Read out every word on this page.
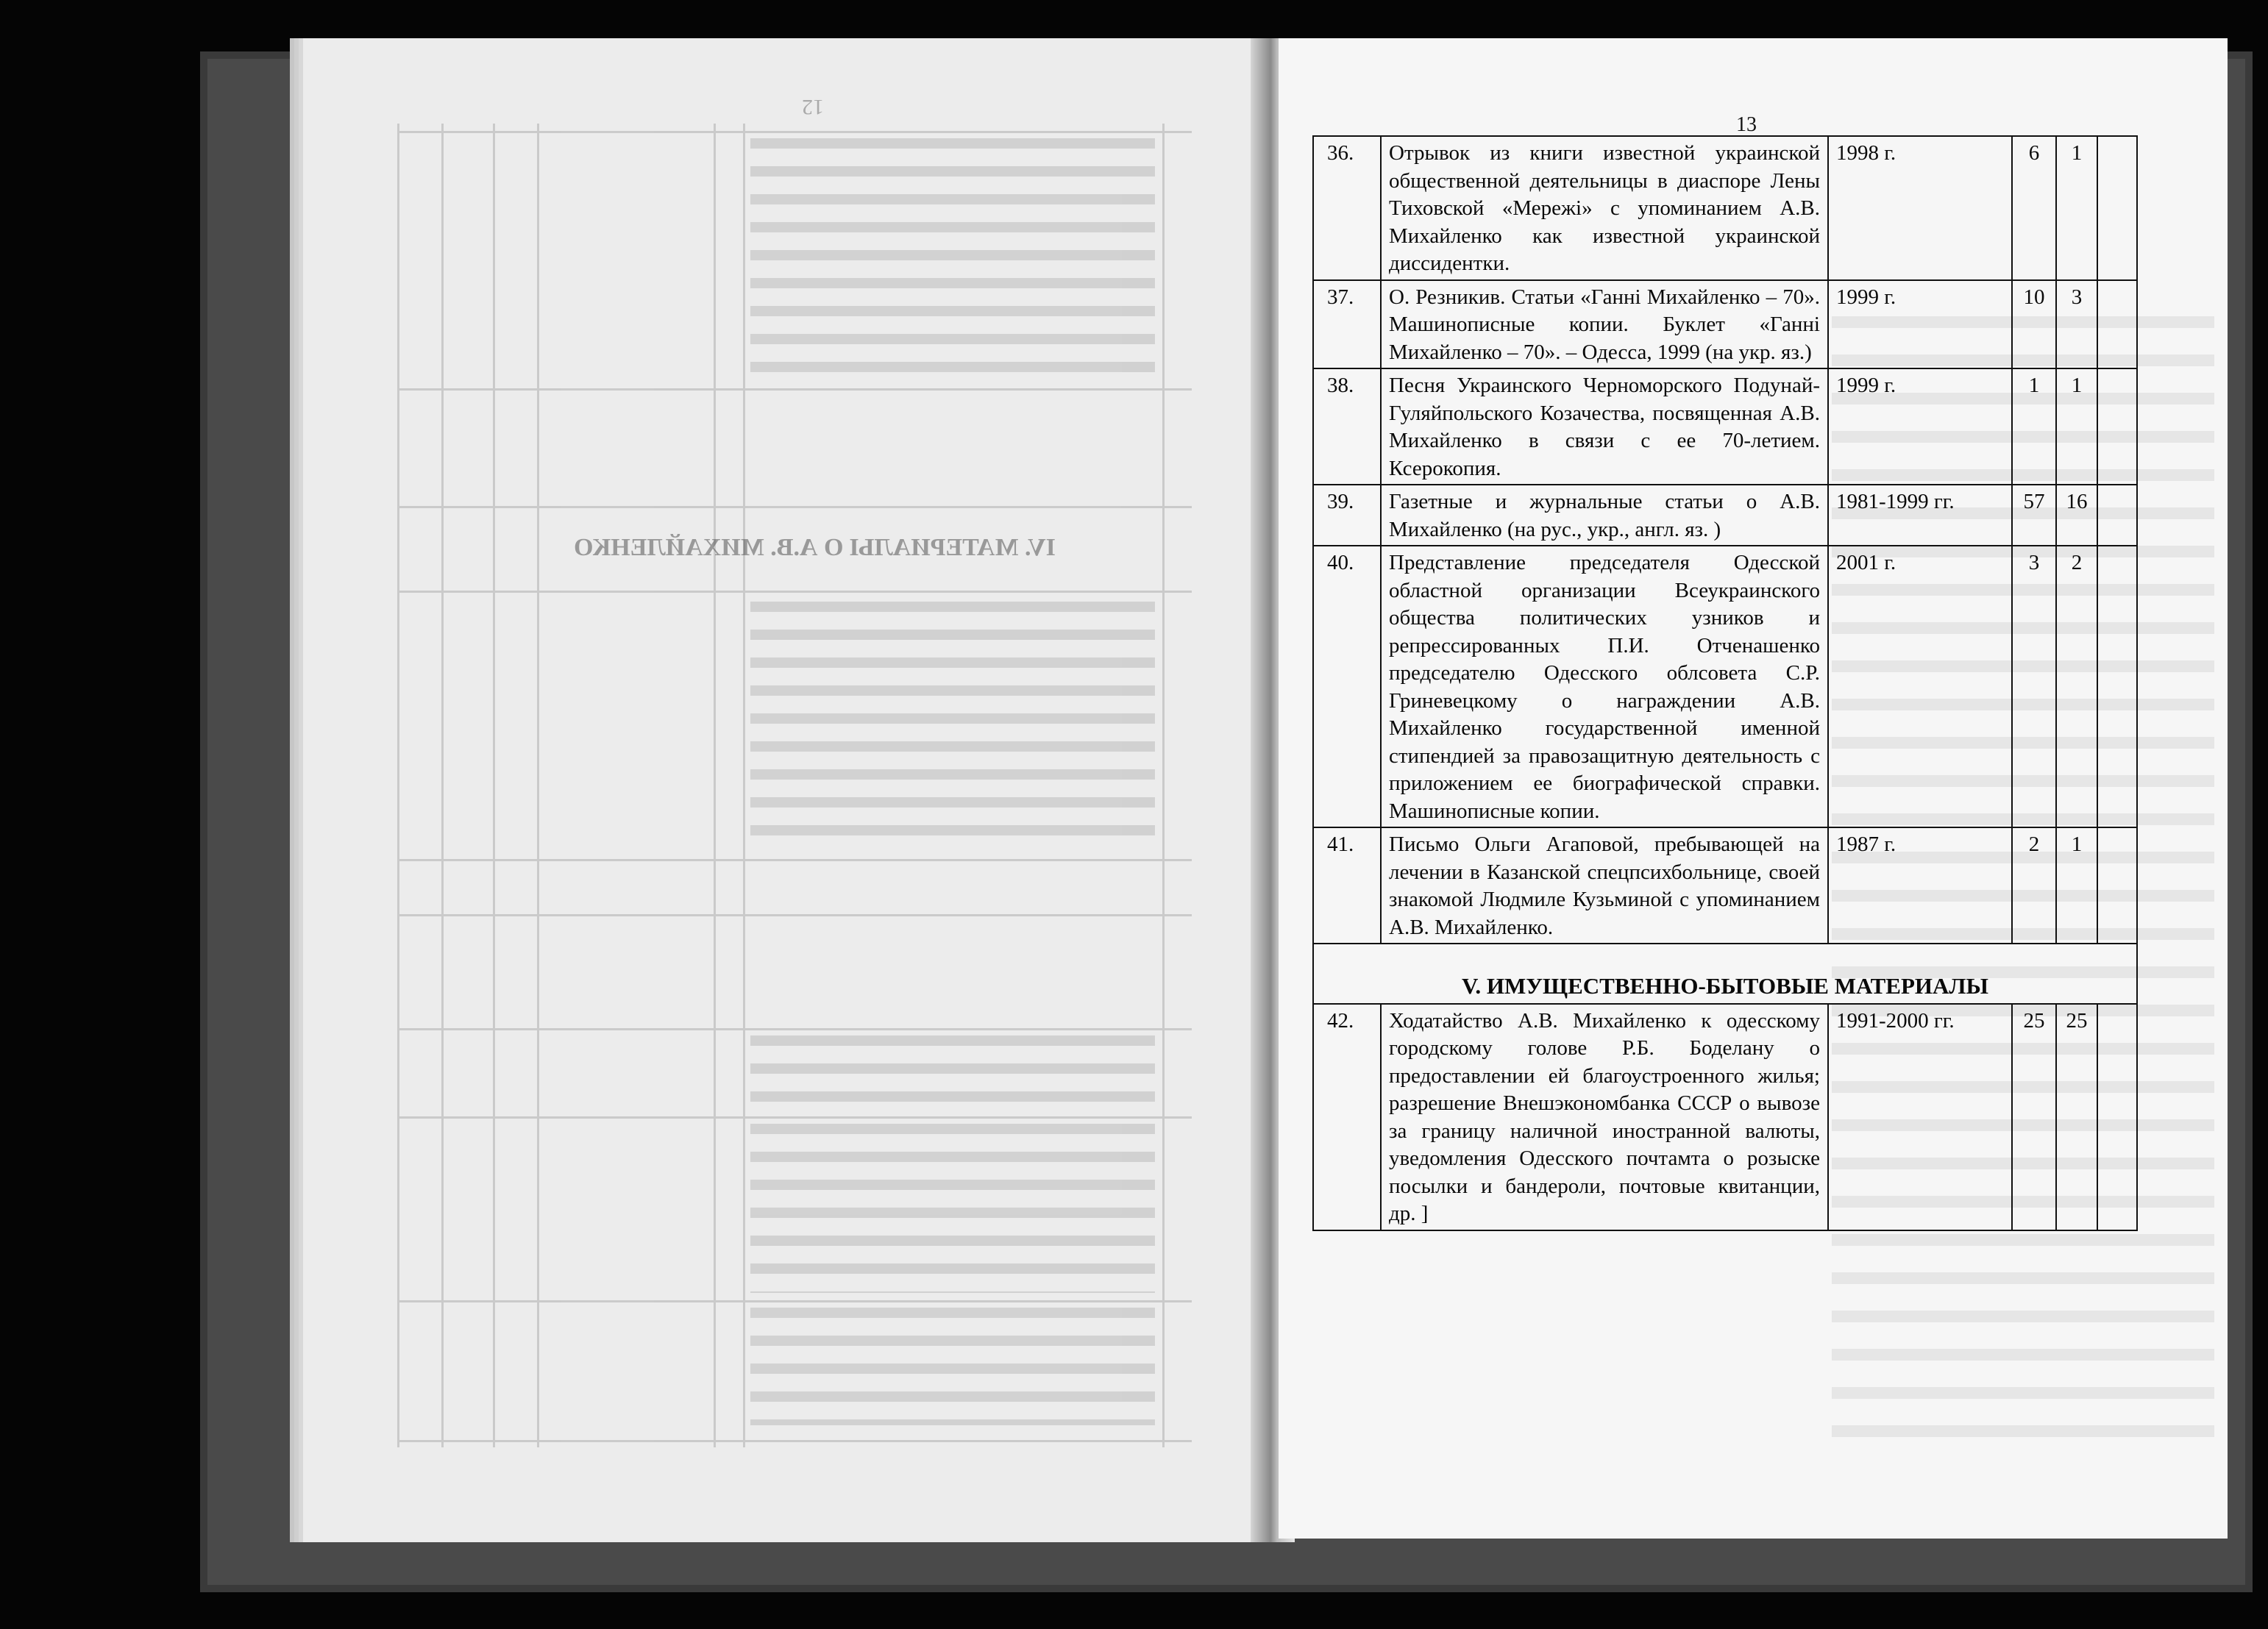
12
IV. МАТЕРИАЛЫ О А.В. МИХАЙЛЕНКО
13
36.	Отрывок из книги известной украинской общественной деятельницы в диаспоре Лены Тиховской «Мережі» с упоминанием А.В. Михайленко как известной украинской диссидентки.	1998 г.	6	1	
37.	О. Резникив. Статьи «Ганні Михайленко – 70». Машинописные копии. Буклет «Ганні Михайленко – 70». – Одесса, 1999 (на укр. яз.)	1999 г.	10	3	
38.	Песня Украинского Черноморского Подунай-Гуляйпольского Козачества, посвященная А.В. Михайленко в связи с ее 70-летием. Ксерокопия.	1999 г.	1	1	
39.	Газетные и журнальные статьи о А.В. Михайленко (на рус., укр., англ. яз. )	1981-1999 гг.	57	16	
40.	Представление председателя Одесской областной организации Всеукраинского общества политических узников и репрессированных П.И. Отченашенко председателю Одесского облсовета С.Р. Гриневецкому о награждении А.В. Михайленко государственной именной стипендией за правозащитную деятельность с приложением ее биографической справки. Машинописные копии.	2001 г.	3	2	
41.	Письмо Ольги Агаповой, пребывающей на лечении в Казанской спецпсихбольнице, своей знакомой Людмиле Кузьминой с упоминанием А.В. Михайленко.	1987 г.	2	1	
V. ИМУЩЕСТВЕННО-БЫТОВЫЕ МАТЕРИАЛЫ					
42.	Ходатайство А.В. Михайленко к одесскому городскому голове Р.Б. Боделану о предоставлении ей благоустроенного жилья; разрешение Внешэкономбанка СССР о вывозе за границу наличной иностранной валюты, уведомления Одесского почтамта о розыске посылки и бандероли, почтовые квитанции, др. ]	1991-2000 гг.	25	25	
